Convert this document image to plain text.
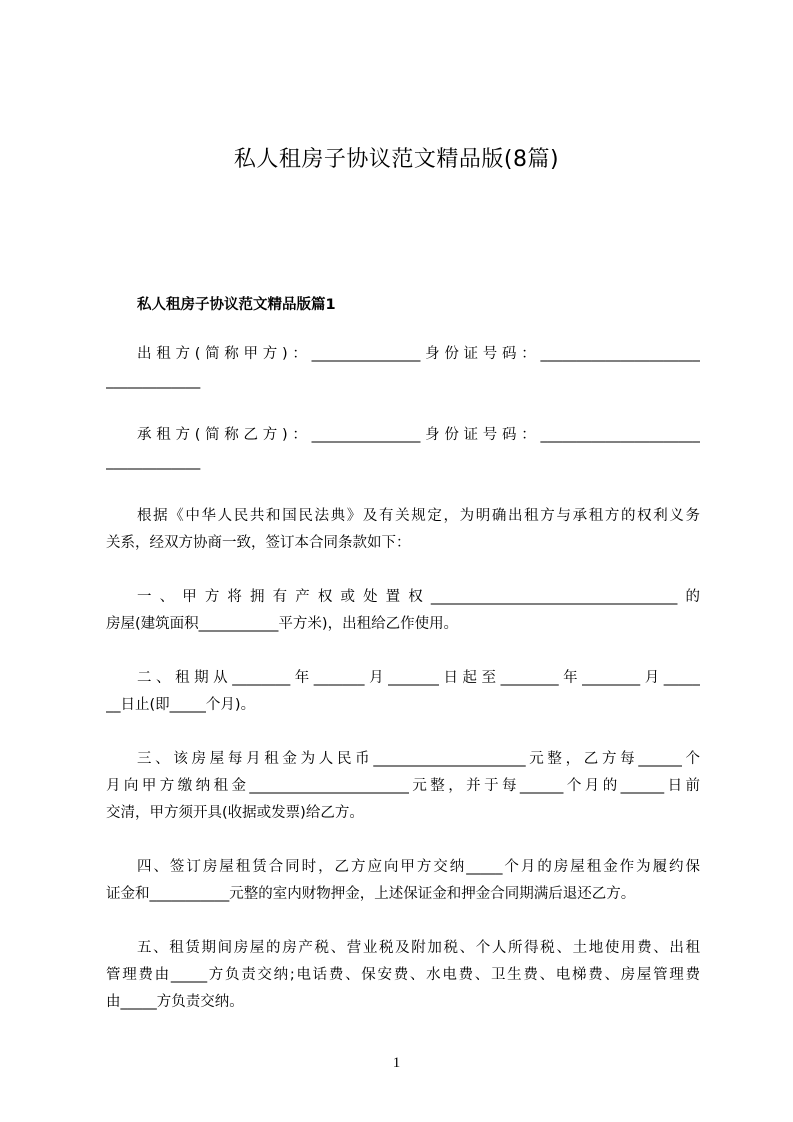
私人租房子协议范文精品版(8篇)
私人租房子协议范文精品版篇1
出租方(简称甲方)：_______________身份证号码：______________________
_____________
承租方(简称乙方)：_______________身份证号码：______________________
_____________
根据《中华人民共和国民法典》及有关规定，为明确出租方与承租方的权利义务
关系，经双方协商一致，签订本合同条款如下：
一、甲方将拥有产权或处置权__________________________________的
房屋(建筑面积___________平方米)，出租给乙作使用。
二、租期从________年_______月_______日起至________年________月_____
__日止(即_____个月)。
三、该房屋每月租金为人民币_____________________元整，乙方每______个
月向甲方缴纳租金______________________元整，并于每______个月的______日前
交清，甲方须开具(收据或发票)给乙方。
四、签订房屋租赁合同时，乙方应向甲方交纳_____个月的房屋租金作为履约保
证金和___________元整的室内财物押金，上述保证金和押金合同期满后退还乙方。
五、租赁期间房屋的房产税、营业税及附加税、个人所得税、土地使用费、出租
管理费由_____方负责交纳;电话费、保安费、水电费、卫生费、电梯费、房屋管理费
由_____方负责交纳。
1
